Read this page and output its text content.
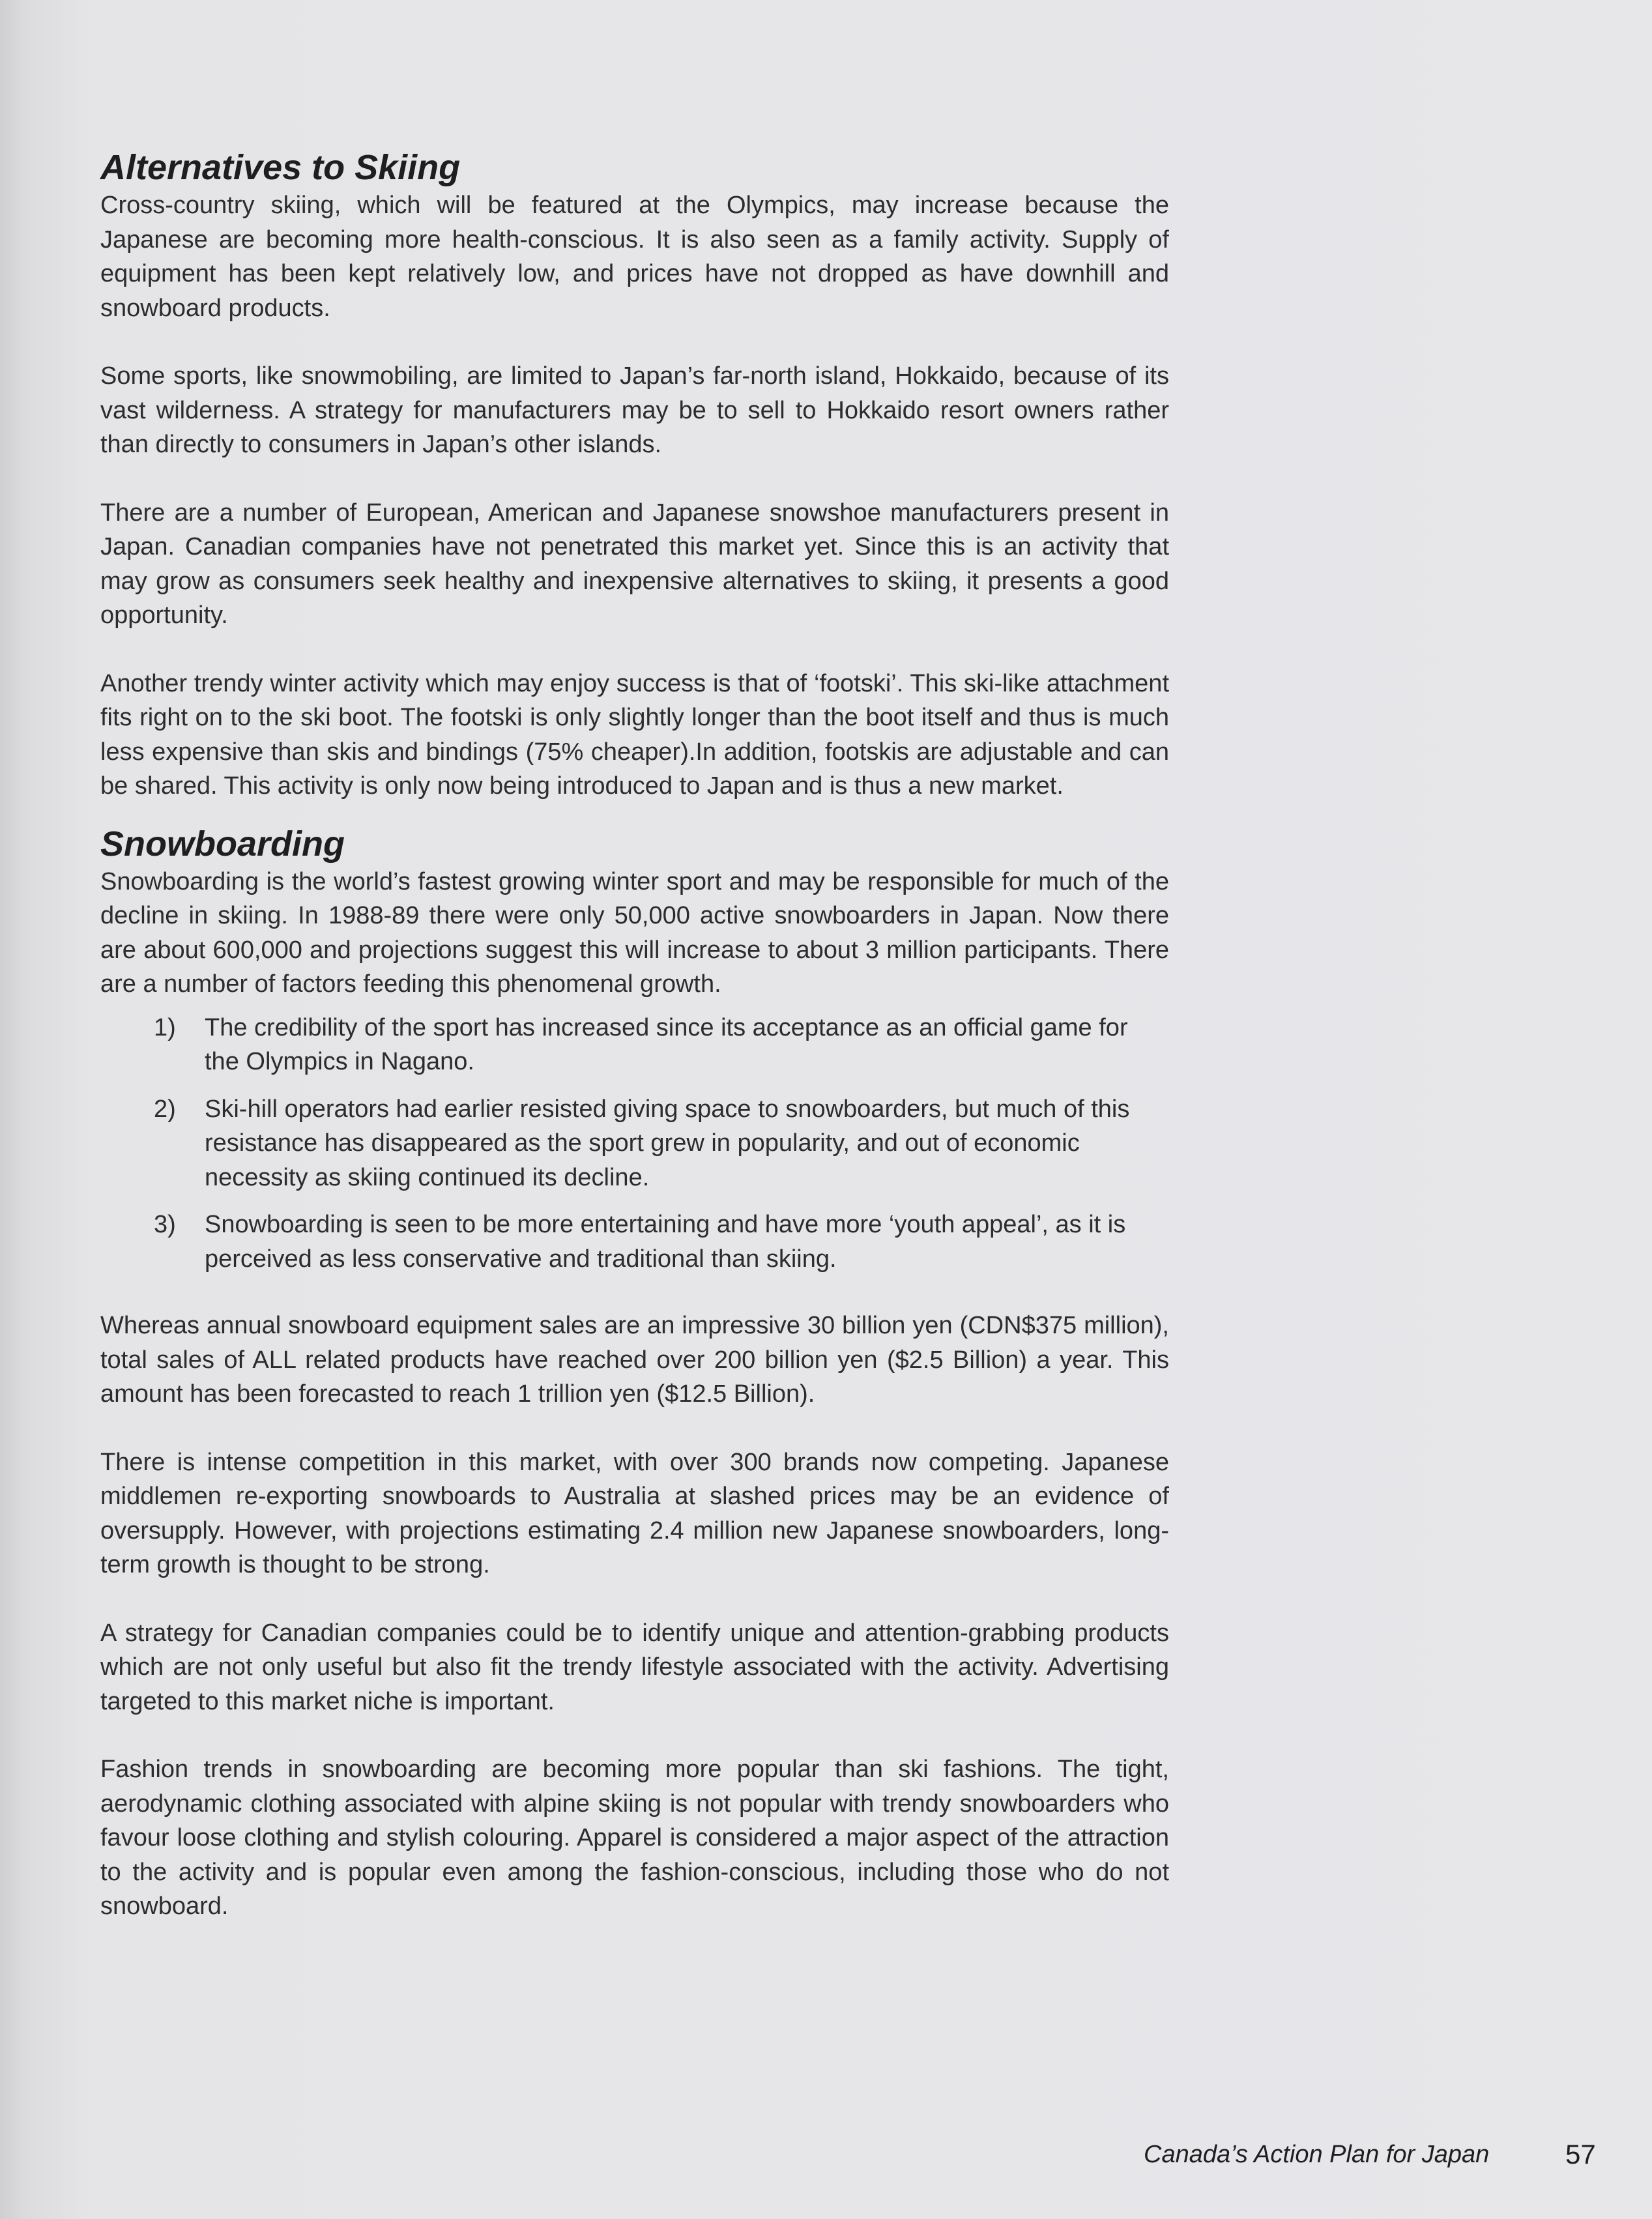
Alternatives to Skiing

Cross-country skiing, which will be featured at the Olympics, may increase because the Japanese are becoming more health-conscious. It is also seen as a family activity. Supply of equipment has been kept relatively low, and prices have not dropped as have downhill and snowboard products.

Some sports, like snowmobiling, are limited to Japan’s far-north island, Hokkaido, because of its vast wilderness. A strategy for manufacturers may be to sell to Hokkaido resort owners rather than directly to consumers in Japan’s other islands.

There are a number of European, American and Japanese snowshoe manufacturers present in Japan. Canadian companies have not penetrated this market yet. Since this is an activity that may grow as consumers seek healthy and inexpensive alternatives to skiing, it presents a good opportunity.

Another trendy winter activity which may enjoy success is that of ‘footski’. This ski-like attachment fits right on to the ski boot. The footski is only slightly longer than the boot itself and thus is much less expensive than skis and bindings (75% cheaper).In addition, footskis are adjustable and can be shared. This activity is only now being introduced to Japan and is thus a new market.

Snowboarding

Snowboarding is the world’s fastest growing winter sport and may be responsible for much of the decline in skiing. In 1988-89 there were only 50,000 active snowboarders in Japan. Now there are about 600,000 and projections suggest this will increase to about 3 million participants. There are a number of factors feeding this phenomenal growth.

1) The credibility of the sport has increased since its acceptance as an official game for the Olympics in Nagano.
2) Ski-hill operators had earlier resisted giving space to snowboarders, but much of this resistance has disappeared as the sport grew in popularity, and out of economic necessity as skiing continued its decline.
3) Snowboarding is seen to be more entertaining and have more ‘youth appeal’, as it is perceived as less conservative and traditional than skiing.

Whereas annual snowboard equipment sales are an impressive 30 billion yen (CDN$375 million), total sales of ALL related products have reached over 200 billion yen ($2.5 Billion) a year. This amount has been forecasted to reach 1 trillion yen ($12.5 Billion).

There is intense competition in this market, with over 300 brands now competing. Japanese middlemen re-exporting snowboards to Australia at slashed prices may be an evidence of oversupply. However, with projections estimating 2.4 million new Japanese snowboarders, long-term growth is thought to be strong.

A strategy for Canadian companies could be to identify unique and attention-grabbing products which are not only useful but also fit the trendy lifestyle associated with the activity. Advertising targeted to this market niche is important.

Fashion trends in snowboarding are becoming more popular than ski fashions. The tight, aerodynamic clothing associated with alpine skiing is not popular with trendy snowboarders who favour loose clothing and stylish colouring. Apparel is considered a major aspect of the attraction to the activity and is popular even among the fashion-conscious, including those who do not snowboard.

Canada’s Action Plan for Japan	57
